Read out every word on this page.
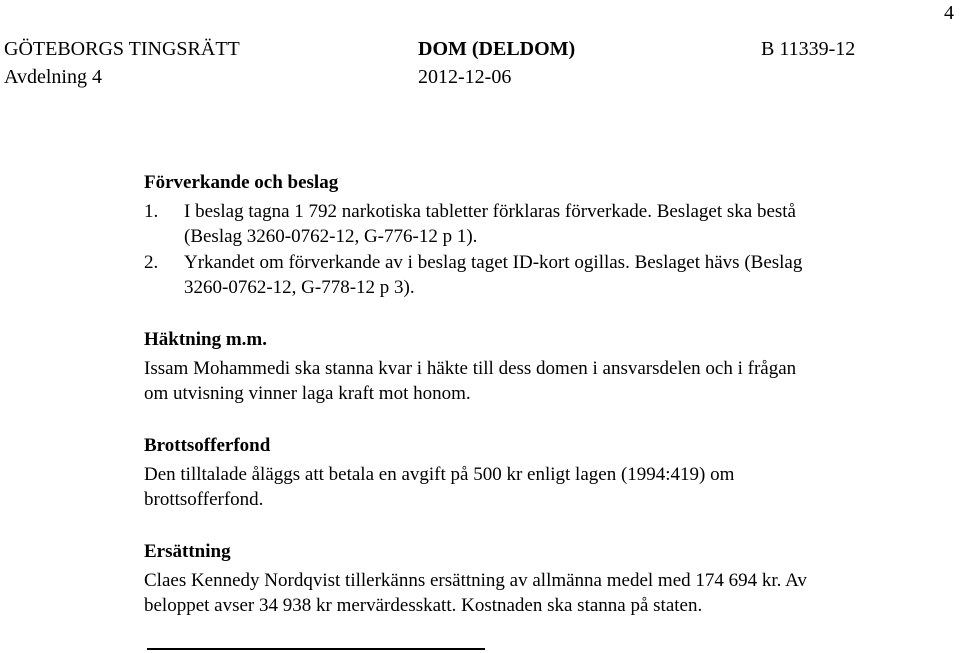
4
GÖTEBORGS TINGSRÄTT
Avdelning 4
DOM (DELDOM)
2012-12-06
B 11339-12
Förverkande och beslag
1. I beslag tagna 1 792 narkotiska tabletter förklaras förverkade. Beslaget ska bestå
(Beslag 3260-0762-12, G-776-12 p 1).
2. Yrkandet om förverkande av i beslag taget ID-kort ogillas. Beslaget hävs (Beslag
3260-0762-12, G-778-12 p 3).
Häktning m.m.
Issam Mohammedi ska stanna kvar i häkte till dess domen i ansvarsdelen och i frågan
om utvisning vinner laga kraft mot honom.
Brottsofferfond
Den tilltalade åläggs att betala en avgift på 500 kr enligt lagen (1994:419) om
brottsofferfond.
Ersättning
Claes Kennedy Nordqvist tillerkänns ersättning av allmänna medel med 174 694 kr. Av
beloppet avser 34 938 kr mervärdesskatt. Kostnaden ska stanna på staten.
